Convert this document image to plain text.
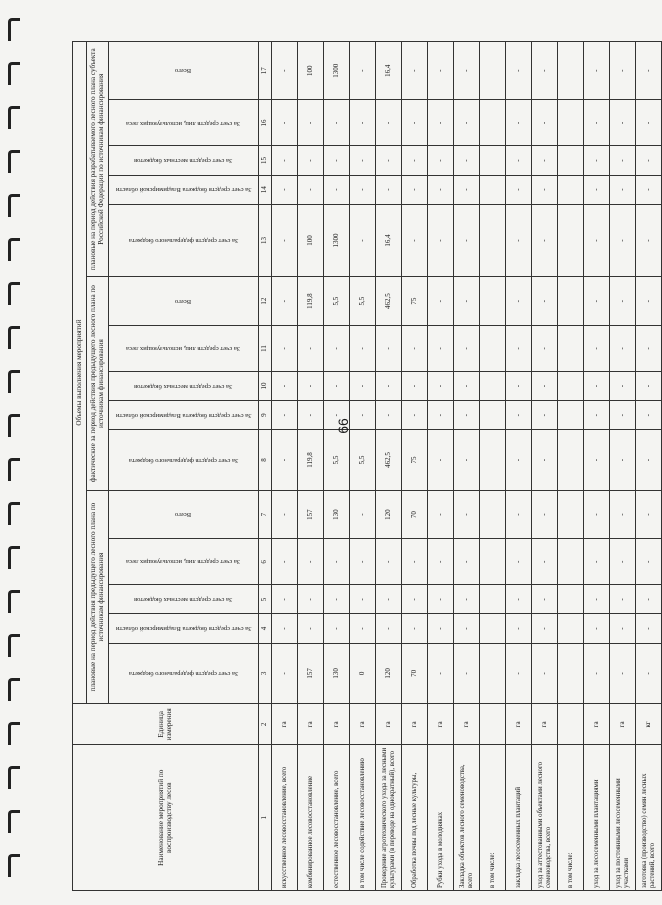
Наименование мероприятий по воспроизводству лесов	Единица измерения	Объемы выполнения мероприятий														
		плановые на период действия предыдущего лесного плана по источникам финансирования					фактические за период действия предыдущего лесного плана по источникам финансирования					плановые на период действия разрабатываемого лесного плана субъекта Российской Федерации по источникам финансирования				

		За счет средств федерального бюджета	За счет средств бюджета Владимирской области	За счет средств местных бюджетов	За счет средств лиц, использующих леса	Всего	За счет средств федерального бюджета	За счет средств бюджета Владимирской области	За счет средств местных бюджетов	За счет средств лиц, использующих леса	Всего	За счет средств федерального бюджета	За счет средств бюджета Владимирской области	За счет средств местных бюджетов	За счет средств лиц, использующих леса	Всего

1	2	3	4	5	6	7	8	9	10	11	12	13	14	15	16	17
искусственное лесовосстановление, всего	га	-	-	-	-	-	-	-	-	-	-	-	-	-	-	-
комбинированное лесовосстановление	га	157	-	-	-	157	119,8	-	-	-	119,8	100	-	-	-	100
естественное лесовосстановление, всего	га	130	-	-	-	130	5,5	-	-	-	5,5	1300	-	-	-	1300
в том числе содействие лесовосстановлению	га	0	-	-	-	-	5,5	-	-	-	5,5	-	-	-	-	-
Проведение агротехнического ухода за лесными культурами (в переводе на однократный), всего	га	120	-	-	-	120	462,5	-	-	-	462,5	16,4	-	-	-	16,4
Обработка почвы под лесные культуры,	га	70	-	-	-	70	75	-	-	-	75	-	-	-	-	-
Рубки ухода в молодняках	га	-	-	-	-	-	-	-	-	-	-	-	-	-	-	-
Закладка объектов лесного семеноводства, всего	га	-	-	-	-	-	-	-	-	-	-	-	-	-	-	-
в том числе:																
закладка лесосеменных плантаций	га	-	-	-	-	-	-	-	-	-	-	-	-	-	-	-
уход за аттестованными объектами лесного семеноводства, всего	га	-	-	-	-	-	-	-	-	-	-	-	-	-	-	-
в том числе:																
уход за лесосеменными плантациями	га	-	-	-	-	-	-	-	-	-	-	-	-	-	-	-
уход за постоянными лесосеменными участками	га	-	-	-	-	-	-	-	-	-	-	-	-	-	-	-
заготовка (производство) семян лесных растений, всего	кг	-	-	-	-	-	-	-	-	-	-	-	-	-	-	-
66
